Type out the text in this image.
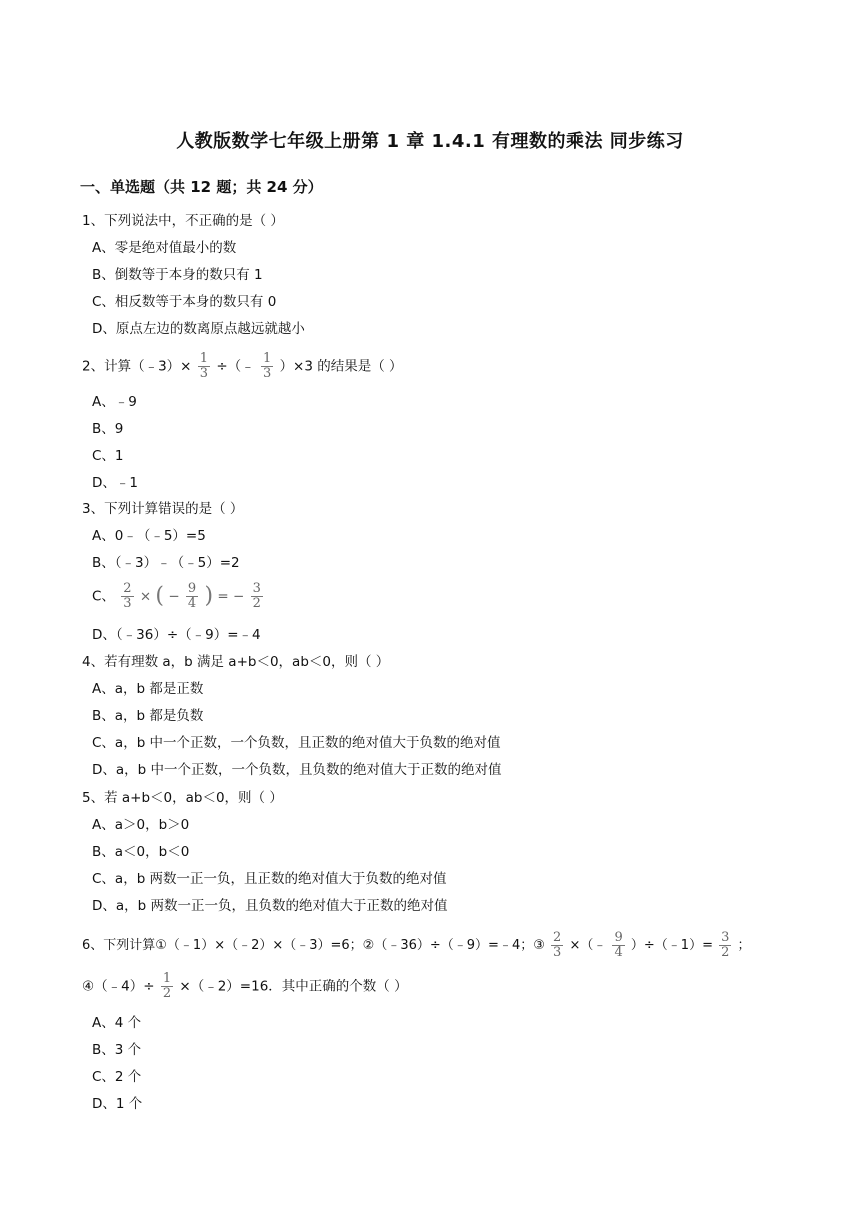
人教版数学七年级上册第 1 章 1.4.1 有理数的乘法 同步练习
一、单选题（共 12 题；共 24 分）
1、下列说法中，不正确的是（ ）
A、零是绝对值最小的数
B、倒数等于本身的数只有 1
C、相反数等于本身的数只有 0
D、原点左边的数离原点越远就越小
2、计算（﹣3）× $\frac{1}{3}$ ÷（﹣ $\frac{1}{3} )\times 3$ 的结果是（ ）
A、﹣9
B、9
C、1
D、﹣1
3、下列计算错误的是（ ）
A、0﹣（﹣5）=5
B、（﹣3）﹣（﹣5）=2
C、 $\frac{2}{3}$ × ( − $\frac{9}{4}$ ) = − $\frac{3}{2}$
D、（﹣36）÷（﹣9）=﹣4
4、若有理数 a，b 满足 a+b＜0，ab＜0，则（ ）
A、a，b 都是正数
B、a，b 都是负数
C、a，b 中一个正数，一个负数，且正数的绝对值大于负数的绝对值
D、a，b 中一个正数，一个负数，且负数的绝对值大于正数的绝对值
5、若 a+b＜0，ab＜0，则（ ）
A、a＞0，b＞0
B、a＜0，b＜0
C、a，b 两数一正一负，且正数的绝对值大于负数的绝对值
D、a，b 两数一正一负，且负数的绝对值大于正数的绝对值
6、下列计算①（﹣1）×（﹣2）×（﹣3）=6；②（﹣36）÷（﹣9）=﹣4；③ $\frac{2}{3}$ ×（﹣ $\frac{9}{4}$ ）÷（﹣1）= $\frac{3}{2}$ ；
④（﹣4）÷ $\frac{1}{2}$ ×（﹣2）=16．其中正确的个数（ ）
A、4 个
B、3 个
C、2 个
D、1 个
